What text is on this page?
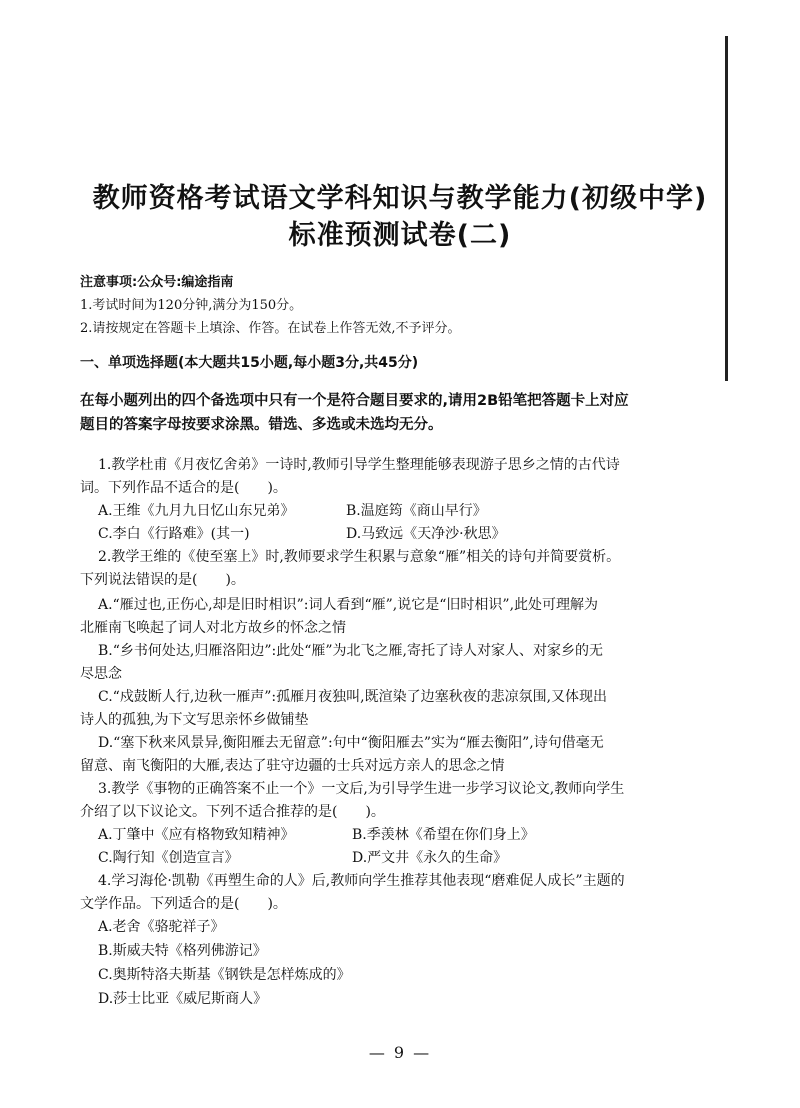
教师资格考试语文学科知识与教学能力(初级中学)
标准预测试卷(二)
注意事项:公众号:编途指南
1.考试时间为120分钟,满分为150分。
2.请按规定在答题卡上填涂、作答。在试卷上作答无效,不予评分。
一、单项选择题(本大题共15小题,每小题3分,共45分)
在每小题列出的四个备选项中只有一个是符合题目要求的,请用2B铅笔把答题卡上对应
题目的答案字母按要求涂黑。错选、多选或未选均无分。
1.教学杜甫《月夜忆舍弟》一诗时,教师引导学生整理能够表现游子思乡之情的古代诗
词。下列作品不适合的是(　　)。
A.王维《九月九日忆山东兄弟》	B.温庭筠《商山早行》
C.李白《行路难》(其一)	D.马致远《天净沙·秋思》
2.教学王维的《使至塞上》时,教师要求学生积累与意象“雁”相关的诗句并简要赏析。
下列说法错误的是(　　)。
A.“雁过也,正伤心,却是旧时相识”:词人看到“雁”,说它是“旧时相识”,此处可理解为
北雁南飞唤起了词人对北方故乡的怀念之情
B.“乡书何处达,归雁洛阳边”:此处“雁”为北飞之雁,寄托了诗人对家人、对家乡的无
尽思念
C.“戍鼓断人行,边秋一雁声”:孤雁月夜独叫,既渲染了边塞秋夜的悲凉氛围,又体现出
诗人的孤独,为下文写思亲怀乡做铺垫
D.“塞下秋来风景异,衡阳雁去无留意”:句中“衡阳雁去”实为“雁去衡阳”,诗句借毫无
留意、南飞衡阳的大雁,表达了驻守边疆的士兵对远方亲人的思念之情
3.教学《事物的正确答案不止一个》一文后,为引导学生进一步学习议论文,教师向学生
介绍了以下议论文。下列不适合推荐的是(　　)。
A.丁肇中《应有格物致知精神》	B.季羡林《希望在你们身上》
C.陶行知《创造宣言》	D.严文井《永久的生命》
4.学习海伦·凯勒《再塑生命的人》后,教师向学生推荐其他表现“磨难促人成长”主题的
文学作品。下列适合的是(　　)。
A.老舍《骆驼祥子》
B.斯威夫特《格列佛游记》
C.奥斯特洛夫斯基《钢铁是怎样炼成的》
D.莎士比亚《威尼斯商人》
— 9 —
